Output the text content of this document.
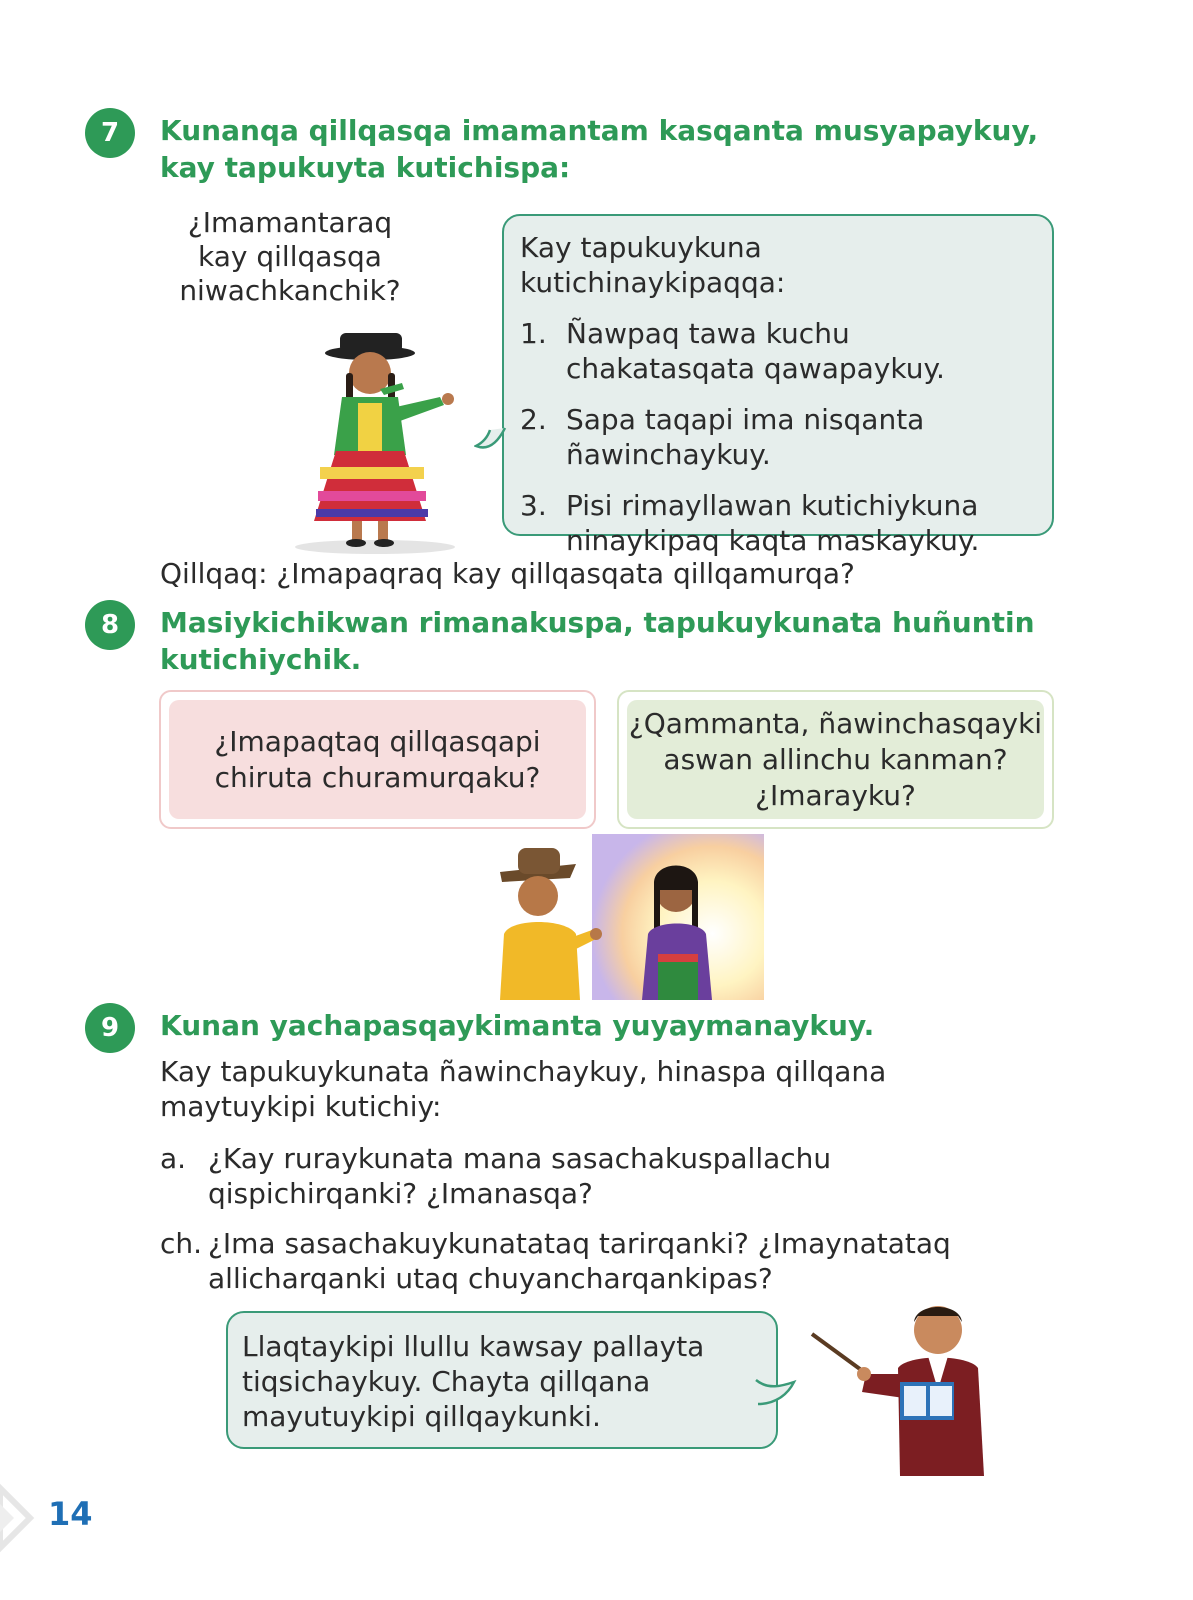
7	Kunanqa qillqasqa imamantam kasqanta musyapaykuy, kay tapukuyta kutichispa:
¿Imamantaraq kay qillqasqa niwachkanchik?
Kay tapukuykuna kutichinaykipaqqa:
1. Ñawpaq tawa kuchu chakatasqata qawapaykuy.
2. Sapa taqapi ima nisqanta ñawinchaykuy.
3. Pisi rimayllawan kutichiykuna ninaykipaq kaqta maskaykuy.
Qillqaq: ¿Imapaqraq kay qillqasqata qillqamurqa?
8	Masiykichikwan rimanakuspa, tapukuykunata huñuntin kutichiychik.
¿Imapaqtaq qillqasqapi chiruta churamurqaku?
¿Qammanta, ñawinchasqayki aswan allinchu kanman? ¿Imarayku?
9	Kunan yachapasqaykimanta yuyaymanaykuy.
Kay tapukuykunata ñawinchaykuy, hinaspa qillqana maytuykipi kutichiy:
a. ¿Kay ruraykunata mana sasachakuspallachu qispichirqanki? ¿Imanasqa?
ch. ¿Ima sasachakuykunatataq tarirqanki? ¿Imaynatataq allicharqanki utaq chuyancharqankipas?
Llaqtaykipi llullu kawsay pallayta tiqsichaykuy. Chayta qillqana mayutuykipi qillqaykunki.
14
